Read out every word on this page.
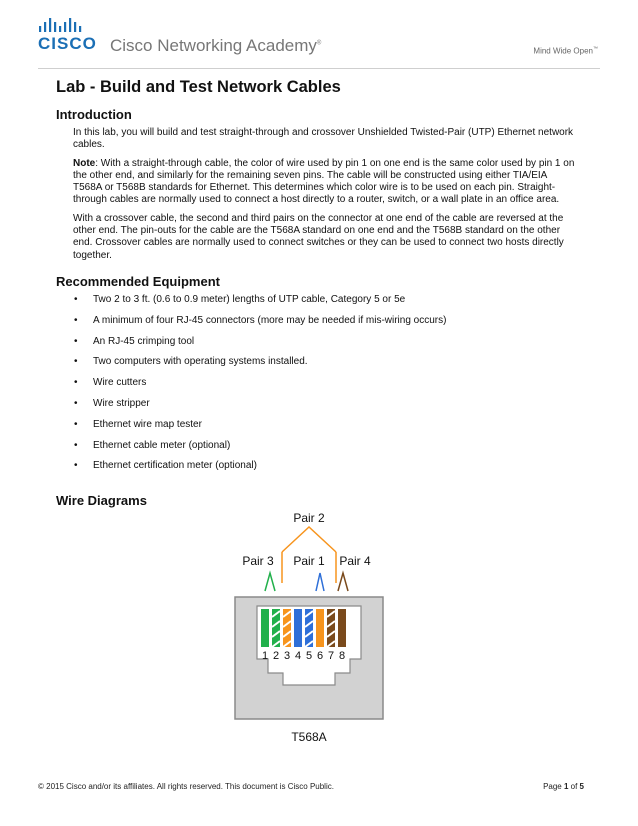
CISCO Cisco Networking Academy®
Mind Wide Open™
Lab - Build and Test Network Cables
Introduction

In this lab, you will build and test straight-through and crossover Unshielded Twisted-Pair (UTP) Ethernet network cables.

Note: With a straight-through cable, the color of wire used by pin 1 on one end is the same color used by pin 1 on the other end, and similarly for the remaining seven pins. The cable will be constructed using either TIA/EIA T568A or T568B standards for Ethernet. This determines which color wire is to be used on each pin. Straight-through cables are normally used to connect a host directly to a router, switch, or a wall plate in an office area.

With a crossover cable, the second and third pairs on the connector at one end of the cable are reversed at the other end. The pin-outs for the cable are the T568A standard on one end and the T568B standard on the other end. Crossover cables are normally used to connect switches or they can be used to connect two hosts directly together.

Recommended Equipment
• Two 2 to 3 ft. (0.6 to 0.9 meter) lengths of UTP cable, Category 5 or 5e
• A minimum of four RJ-45 connectors (more may be needed if mis-wiring occurs)
• An RJ-45 crimping tool
• Two computers with operating systems installed.
• Wire cutters
• Wire stripper
• Ethernet wire map tester
• Ethernet cable meter (optional)
• Ethernet certification meter (optional)
Wire Diagrams
Pair 2
Pair 3 Pair 1 Pair 4
1 2 3 4 5 6 7 8
T568A
© 2015 Cisco and/or its affiliates. All rights reserved. This document is Cisco Public.	Page 1 of 5
